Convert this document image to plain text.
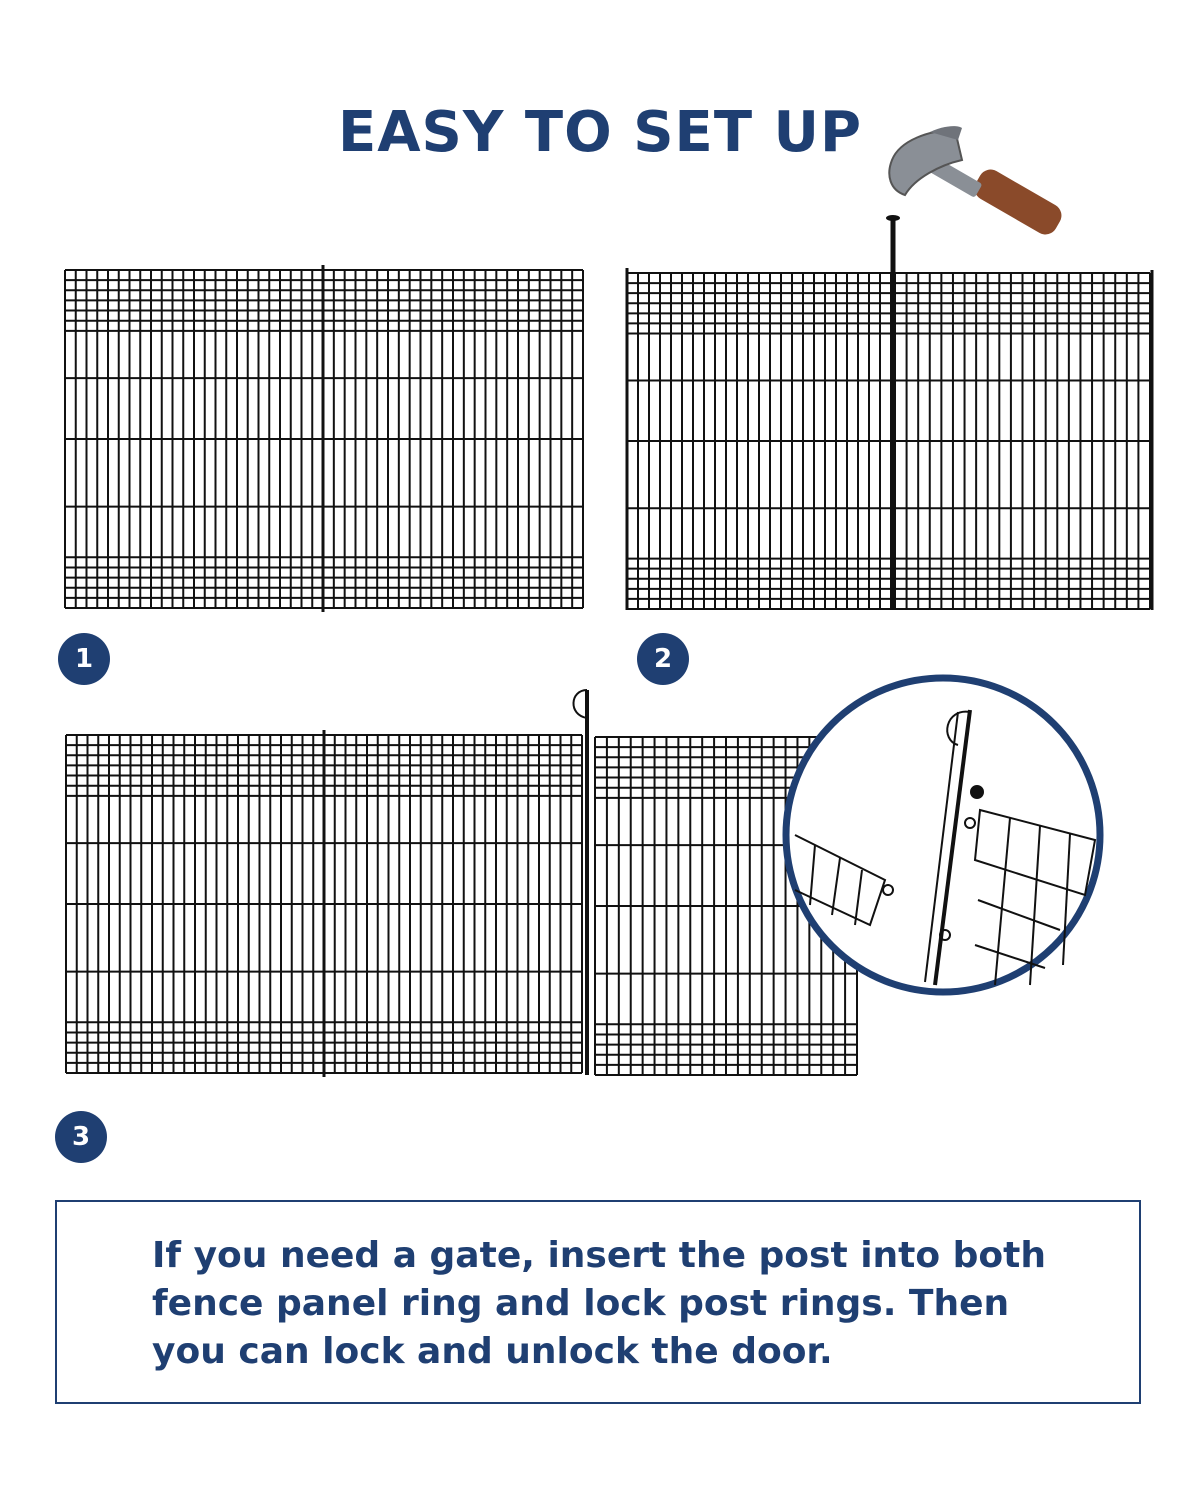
EASY TO SET UP
1	2
3
If you need a gate, insert the post into both fence panel ring and lock post rings. Then you can lock and unlock the door.
